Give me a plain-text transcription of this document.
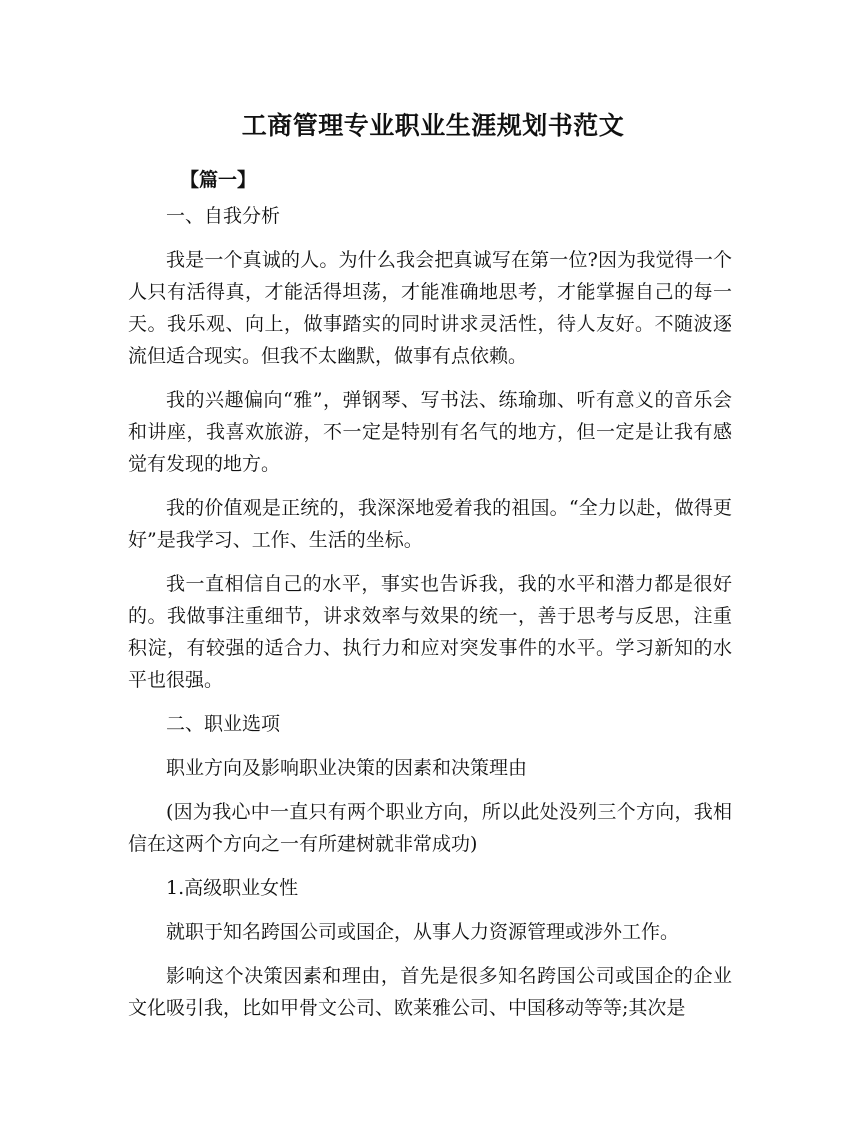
工商管理专业职业生涯规划书范文
【篇一】

一、自我分析

我是一个真诚的人。为什么我会把真诚写在第一位?因为我觉得一个人只有活得真，才能活得坦荡，才能准确地思考，才能掌握自己的每一天。我乐观、向上，做事踏实的同时讲求灵活性，待人友好。不随波逐流但适合现实。但我不太幽默，做事有点依赖。

我的兴趣偏向“雅”，弹钢琴、写书法、练瑜珈、听有意义的音乐会和讲座，我喜欢旅游，不一定是特别有名气的地方，但一定是让我有感觉有发现的地方。

我的价值观是正统的，我深深地爱着我的祖国。“全力以赴，做得更好”是我学习、工作、生活的坐标。

我一直相信自己的水平，事实也告诉我，我的水平和潜力都是很好的。我做事注重细节，讲求效率与效果的统一，善于思考与反思，注重积淀，有较强的适合力、执行力和应对突发事件的水平。学习新知的水平也很强。

二、职业选项

职业方向及影响职业决策的因素和决策理由

(因为我心中一直只有两个职业方向，所以此处没列三个方向，我相信在这两个方向之一有所建树就非常成功)

1.高级职业女性

就职于知名跨国公司或国企，从事人力资源管理或涉外工作。

影响这个决策因素和理由，首先是很多知名跨国公司或国企的企业文化吸引我，比如甲骨文公司、欧莱雅公司、中国移动等等;其次是
